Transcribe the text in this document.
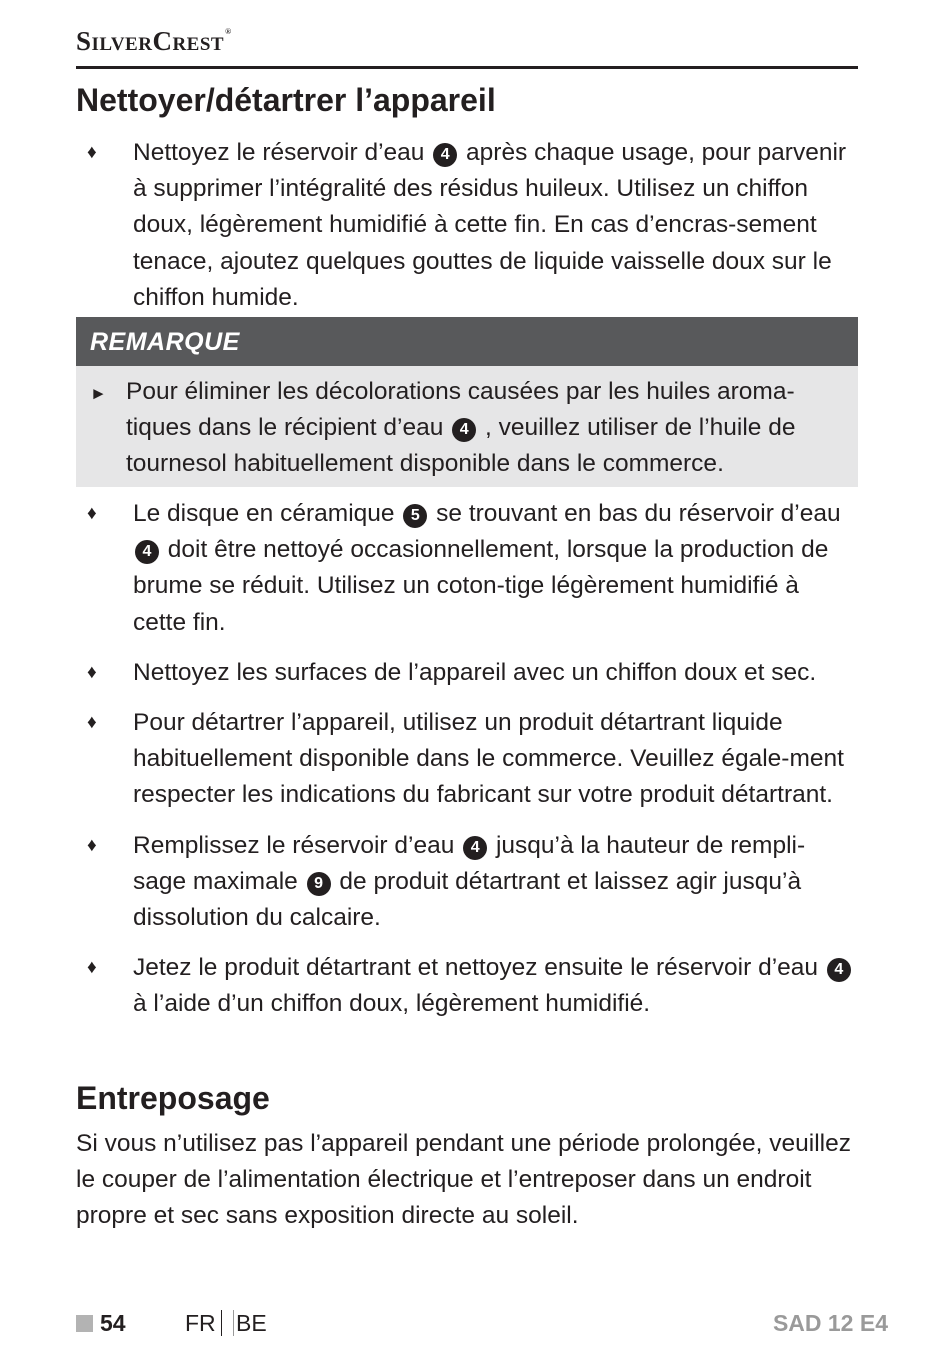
SilverCrest®
Nettoyer/détartrer l’appareil
♦ Nettoyez le réservoir d’eau 4 après chaque usage, pour parvenir à supprimer l’intégralité des résidus huileux. Utilisez un chiffon doux, légèrement humidifié à cette fin. En cas d’encras-sement tenace, ajoutez quelques gouttes de liquide vaisselle doux sur le chiffon humide.
REMARQUE
► Pour éliminer les décolorations causées par les huiles aroma-tiques dans le récipient d’eau 4 , veuillez utiliser de l’huile de tournesol habituellement disponible dans le commerce.
♦ Le disque en céramique 5 se trouvant en bas du réservoir d’eau 4 doit être nettoyé occasionnellement, lorsque la production de brume se réduit. Utilisez un coton-tige légèrement humidifié à cette fin.
♦ Nettoyez les surfaces de l’appareil avec un chiffon doux et sec.
♦ Pour détartrer l’appareil, utilisez un produit détartrant liquide habituellement disponible dans le commerce. Veuillez égale-ment respecter les indications du fabricant sur votre produit détartrant.
♦ Remplissez le réservoir d’eau 4 jusqu’à la hauteur de rempli-sage maximale 9 de produit détartrant et laissez agir jusqu’à dissolution du calcaire.
♦ Jetez le produit détartrant et nettoyez ensuite le réservoir d’eau 4 à l’aide d’un chiffon doux, légèrement humidifié.
Entreposage

Si vous n’utilisez pas l’appareil pendant une période prolongée, veuillez le couper de l’alimentation électrique et l’entreposer dans un endroit propre et sec sans exposition directe au soleil.

54	FR BE	SAD 12 E4
